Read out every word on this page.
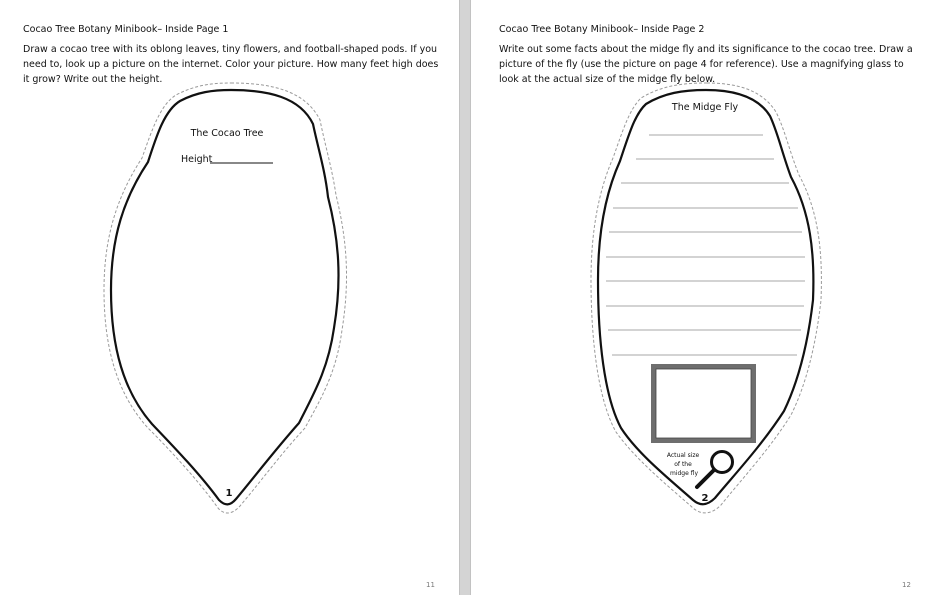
Cocao Tree Botany Minibook– Inside Page 1
Draw a cocao tree with its oblong leaves, tiny flowers, and football-shaped pods. If you need to, look up a picture on the internet. Color your picture. How many feet high does it grow? Write out the height.
The Cocao Tree
Height
1
11
Cocao Tree Botany Minibook– Inside Page 2
Write out some facts about the midge fly and its significance to the cocao tree. Draw a picture of the fly (use the picture on page 4 for reference). Use a magnifying glass to look at the actual size of the midge fly below.
The Midge Fly
Actual size of the midge fly
2
12
